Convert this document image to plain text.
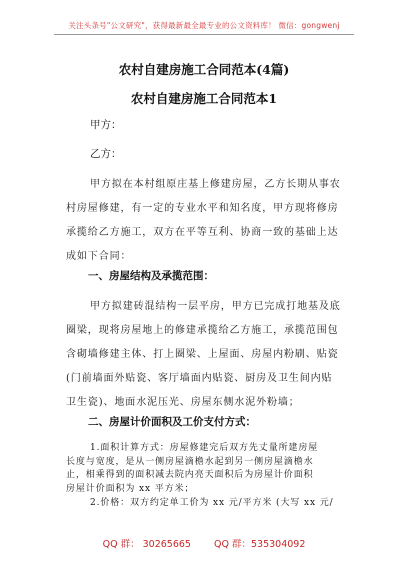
关注头条号"公文研究"，获得最新最全最专业的公文资料库！ 微信：gongwenj
农村自建房施工合同范本(4篇)
农村自建房施工合同范本1
甲方：
乙方：
甲方拟在本村组原庄基上修建房屋，乙方长期从事农
村房屋修建，有一定的专业水平和知名度，甲方现将修房
承揽给乙方施工，双方在平等互利、协商一致的基础上达
成如下合同：
一、房屋结构及承揽范围：
甲方拟建砖混结构一层平房，甲方已完成打地基及底
圈梁，现将房屋地上的修建承揽给乙方施工，承揽范围包
含砌墙修建主体、打上圈梁、上屋面、房屋内粉刷、贴瓷
(门前墙面外贴瓷、客厅墙面内贴瓷、厨房及卫生间内贴
卫生瓷)、地面水泥压光、房屋东侧水泥外粉墙；
二、房屋计价面积及工价支付方式：
1.面积计算方式：房屋修建完后双方先丈量所建房屋
长度与宽度，是从一侧房屋滴檐水起到另一侧房屋滴檐水
止，相乘得到的面积减去院内亮天面积后为房屋计价面积
房屋计价面积为 xx 平方米；
2.价格：双方约定单工价为 xx 元/平方米 (大写 xx 元/
QQ 群： 30265665 QQ 群：535304092
